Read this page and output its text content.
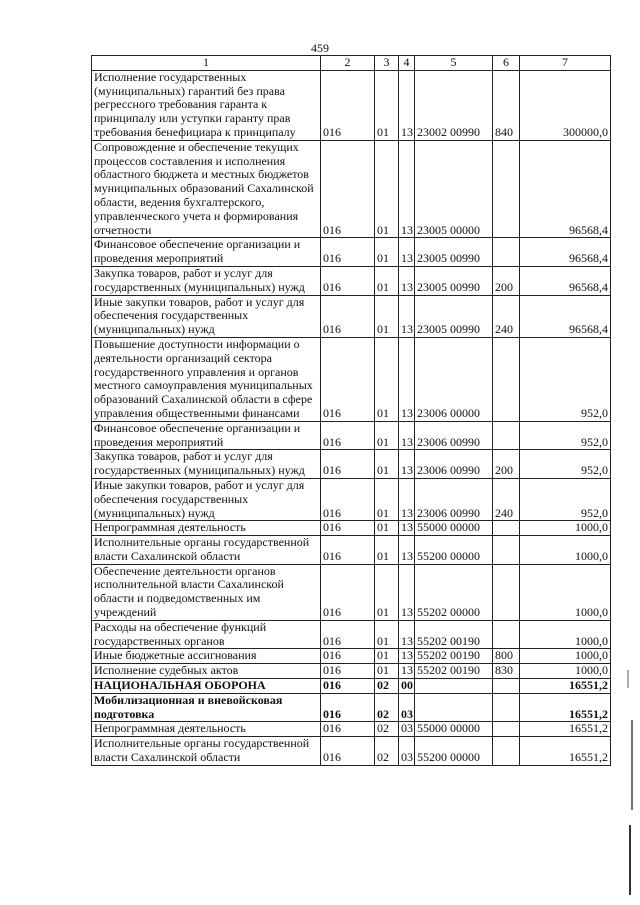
459
1	2	3	4	5	6	7
Исполнение государственных (муниципальных) гарантий без права регрессного требования гаранта к принципалу или уступки гаранту прав требования бенефициара к принципалу	016	01	13	23002 00990	840	300000,0
Сопровождение и обеспечение текущих процессов составления и исполнения областного бюджета и местных бюджетов муниципальных образований Сахалинской области, ведения бухгалтерского, управленческого учета и формирования отчетности	016	01	13	23005 00000		96568,4
Финансовое обеспечение организации и проведения мероприятий	016	01	13	23005 00990		96568,4
Закупка товаров, работ и услуг для государственных (муниципальных) нужд	016	01	13	23005 00990	200	96568,4
Иные закупки товаров, работ и услуг для обеспечения государственных (муниципальных) нужд	016	01	13	23005 00990	240	96568,4
Повышение доступности информации о деятельности организаций сектора государственного управления и органов местного самоуправления муниципальных образований Сахалинской области в сфере управления общественными финансами	016	01	13	23006 00000		952,0
Финансовое обеспечение организации и проведения мероприятий	016	01	13	23006 00990		952,0
Закупка товаров, работ и услуг для государственных (муниципальных) нужд	016	01	13	23006 00990	200	952,0
Иные закупки товаров, работ и услуг для обеспечения государственных (муниципальных) нужд	016	01	13	23006 00990	240	952,0
Непрограммная деятельность	016	01	13	55000 00000		1000,0
Исполнительные органы государственной власти Сахалинской области	016	01	13	55200 00000		1000,0
Обеспечение деятельности органов исполнительной власти Сахалинской области и подведомственных им учреждений	016	01	13	55202 00000		1000,0
Расходы на обеспечение функций государственных органов	016	01	13	55202 00190		1000,0
Иные бюджетные ассигнования	016	01	13	55202 00190	800	1000,0
Исполнение судебных актов	016	01	13	55202 00190	830	1000,0
НАЦИОНАЛЬНАЯ ОБОРОНА	016	02	00			16551,2
Мобилизационная и вневойсковая подготовка	016	02	03			16551,2
Непрограммная деятельность	016	02	03	55000 00000		16551,2
Исполнительные органы государственной власти Сахалинской области	016	02	03	55200 00000		16551,2
